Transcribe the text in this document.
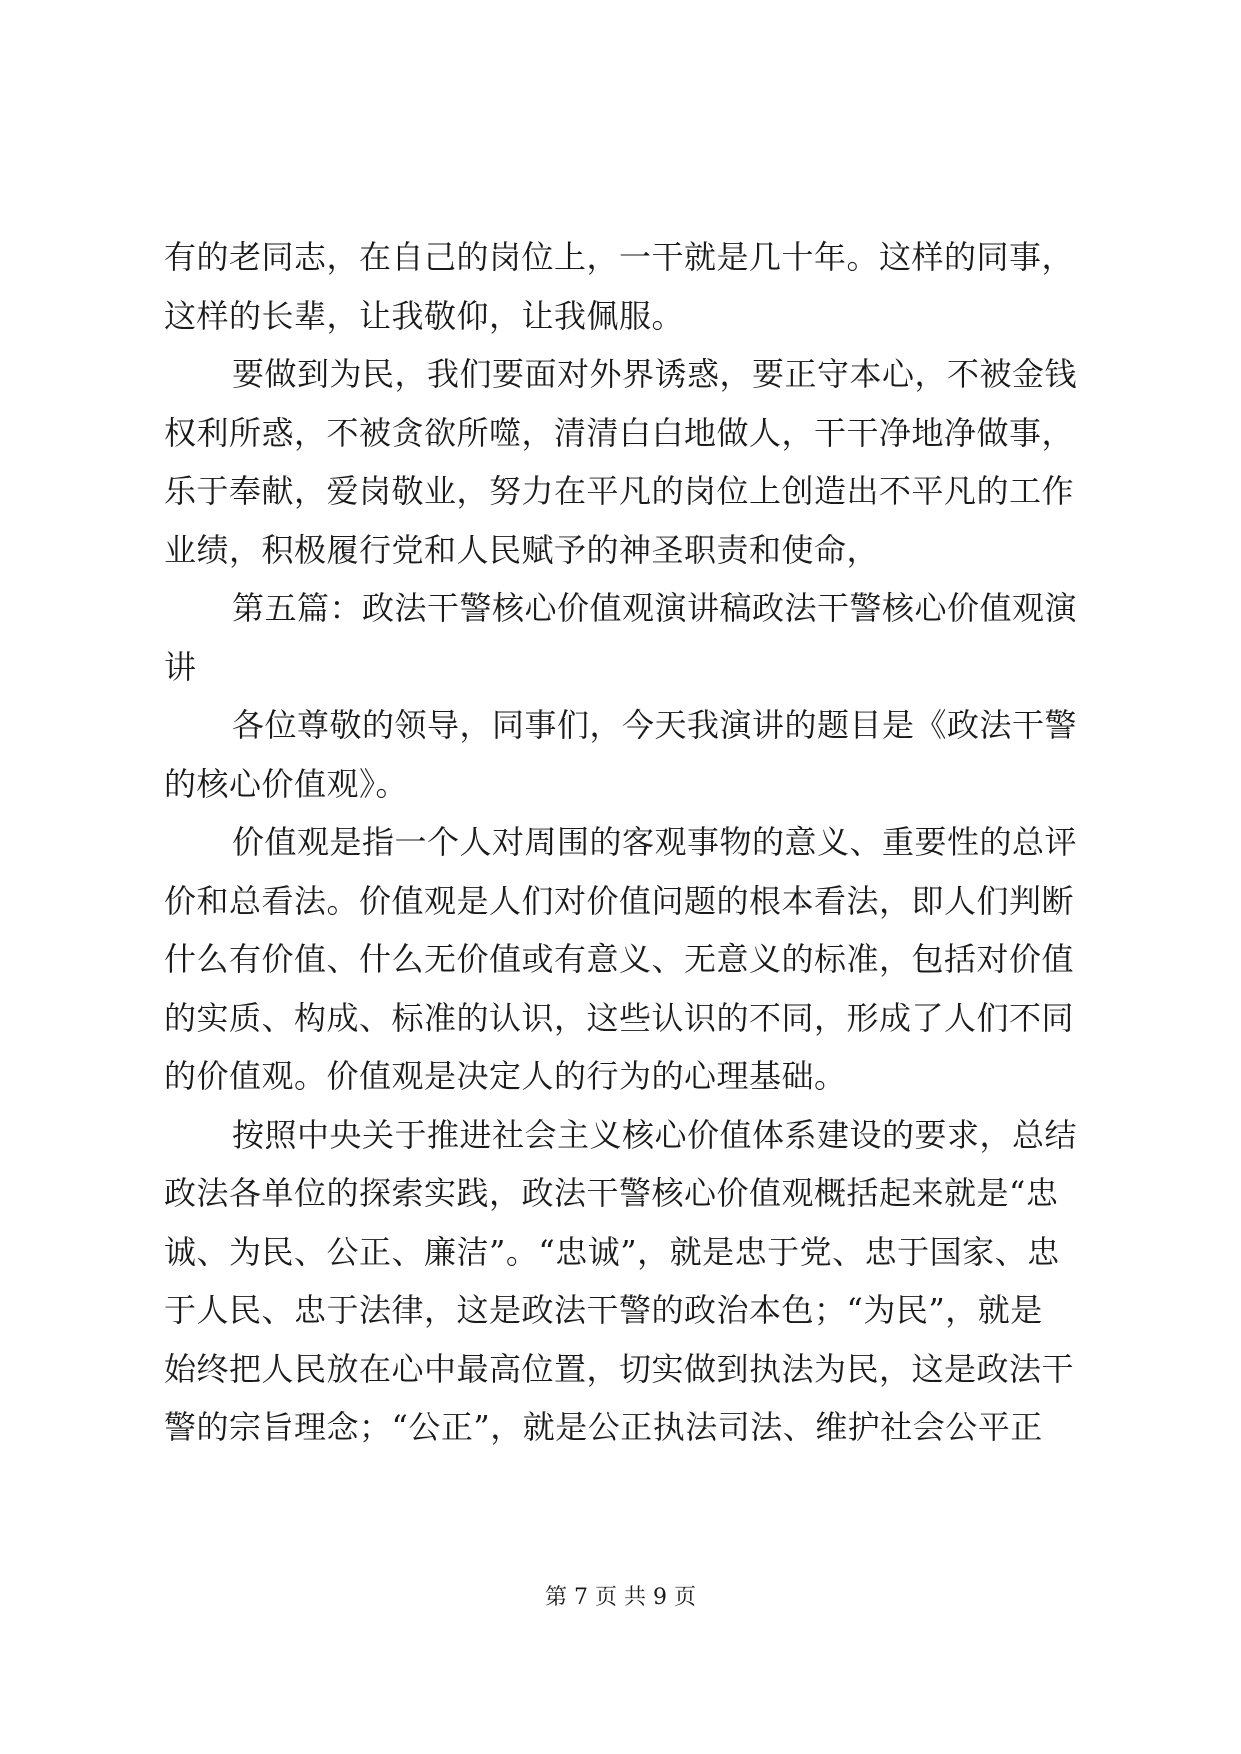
有的老同志，在自己的岗位上，一干就是几十年。这样的同事，
这样的长辈，让我敬仰，让我佩服。
要做到为民，我们要面对外界诱惑，要正守本心，不被金钱
权利所惑，不被贪欲所噬，清清白白地做人，干干净地净做事，
乐于奉献，爱岗敬业，努力在平凡的岗位上创造出不平凡的工作
业绩，积极履行党和人民赋予的神圣职责和使命，
第五篇：政法干警核心价值观演讲稿政法干警核心价值观演
讲
各位尊敬的领导，同事们，今天我演讲的题目是《政法干警
的核心价值观》。
价值观是指一个人对周围的客观事物的意义、重要性的总评
价和总看法。价值观是人们对价值问题的根本看法，即人们判断
什么有价值、什么无价值或有意义、无意义的标准，包括对价值
的实质、构成、标准的认识，这些认识的不同，形成了人们不同
的价值观。价值观是决定人的行为的心理基础。
按照中央关于推进社会主义核心价值体系建设的要求，总结
政法各单位的探索实践，政法干警核心价值观概括起来就是“忠
诚、为民、公正、廉洁”。“忠诚”，就是忠于党、忠于国家、忠
于人民、忠于法律，这是政法干警的政治本色；“为民”，就是
始终把人民放在心中最高位置，切实做到执法为民，这是政法干
警的宗旨理念；“公正”，就是公正执法司法、维护社会公平正
第 7 页 共 9 页
